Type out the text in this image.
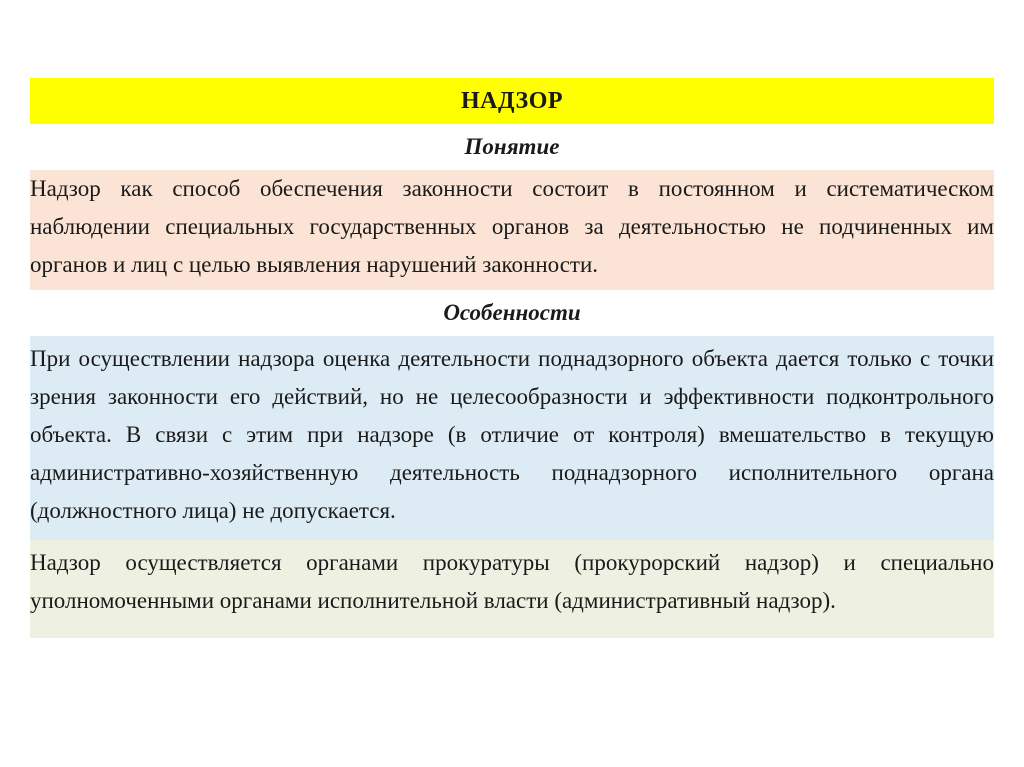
НАДЗОР
Понятие
Надзор как способ обеспечения законности состоит в постоянном и систематическом наблюдении специальных государственных органов за деятельностью не подчиненных им органов и лиц с целью выявления нарушений законности.
Особенности
При осуществлении надзора оценка деятельности поднадзорного объекта дается только с точки зрения законности его действий, но не целесообразности и эффективности подконтрольного объекта. В связи с этим при надзоре (в отличие от контроля) вмешательство в текущую административно-хозяйственную деятельность поднадзорного исполнительного органа (должностного лица) не допускается.
Надзор осуществляется органами прокуратуры (прокурорский надзор) и специально уполномоченными органами исполнительной власти (административный надзор).
